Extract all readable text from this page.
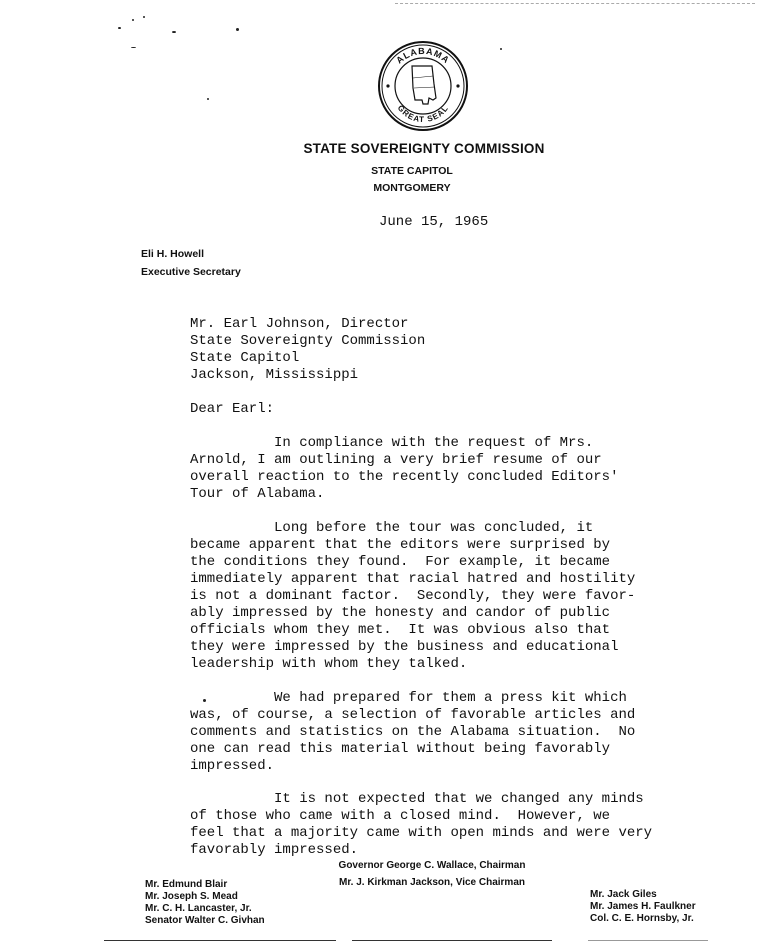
ALABAMA
GREAT SEAL
STATE SOVEREIGNTY COMMISSION
STATE CAPITOL
MONTGOMERY
June 15, 1965
Eli H. Howell
Executive Secretary
Mr. Earl Johnson, Director
State Sovereignty Commission
State Capitol
Jackson, Mississippi
Dear Earl:
In compliance with the request of Mrs.
Arnold, I am outlining a very brief resume of our
overall reaction to the recently concluded Editors'
Tour of Alabama.
Long before the tour was concluded, it
became apparent that the editors were surprised by
the conditions they found.  For example, it became
immediately apparent that racial hatred and hostility
is not a dominant factor.  Secondly, they were favor-
ably impressed by the honesty and candor of public
officials whom they met.  It was obvious also that
they were impressed by the business and educational
leadership with whom they talked.
We had prepared for them a press kit which
was, of course, a selection of favorable articles and
comments and statistics on the Alabama situation.  No
one can read this material without being favorably
impressed.
It is not expected that we changed any minds
of those who came with a closed mind.  However, we
feel that a majority came with open minds and were very
favorably impressed.
Governor George C. Wallace, Chairman
Mr. J. Kirkman Jackson, Vice Chairman
Mr. Edmund Blair
Mr. Joseph S. Mead
Mr. C. H. Lancaster, Jr.
Senator Walter C. Givhan
Mr. Jack Giles
Mr. James H. Faulkner
Col. C. E. Hornsby, Jr.
